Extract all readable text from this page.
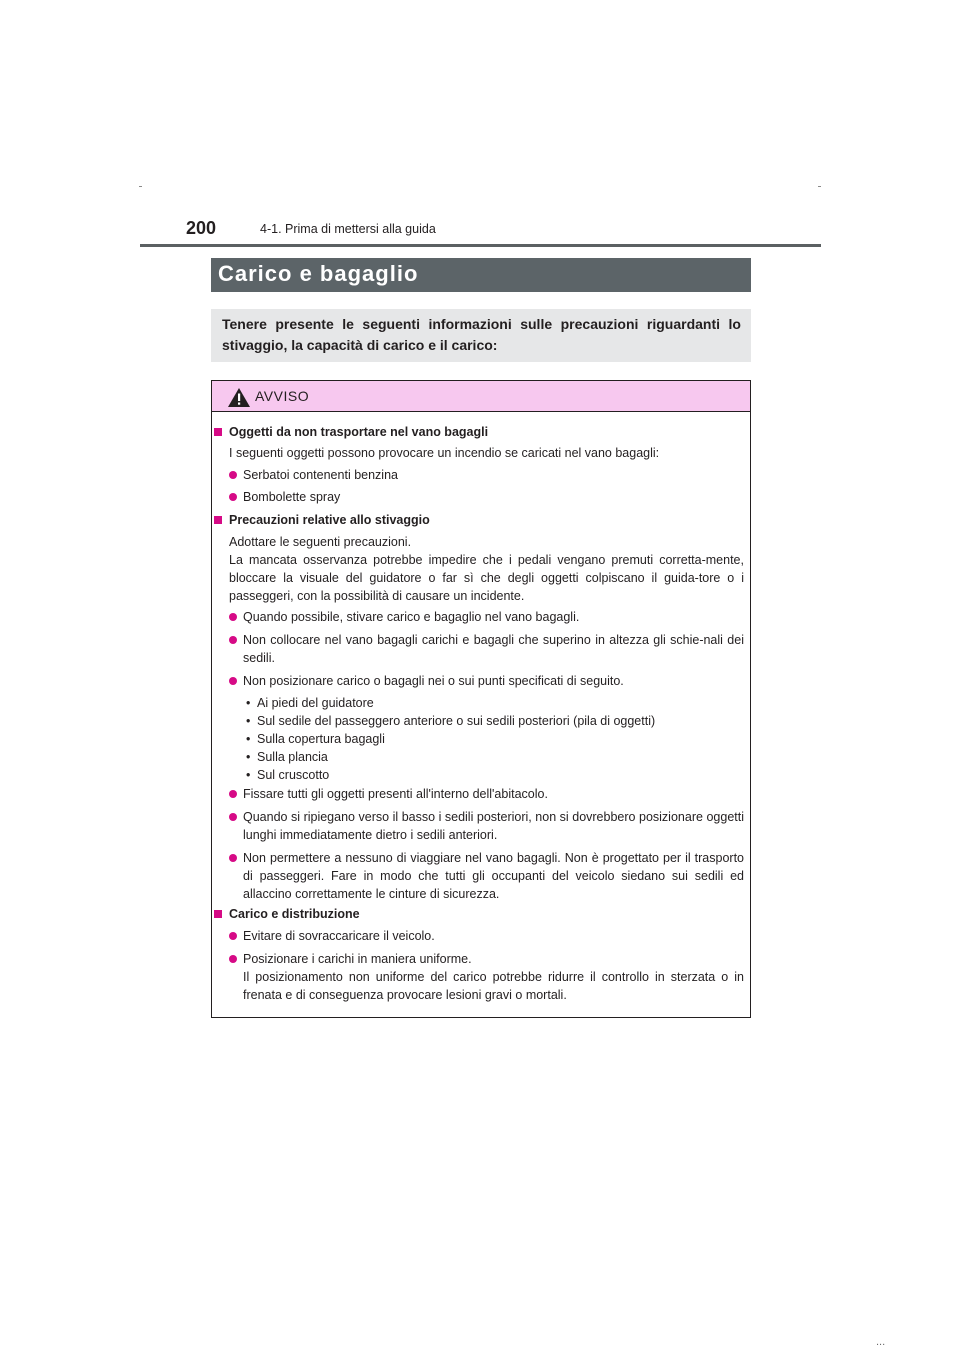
200	4-1. Prima di mettersi alla guida
Carico e bagaglio
Tenere presente le seguenti informazioni sulle precauzioni riguardanti lo stivaggio, la capacità di carico e il carico:
AVVISO
Oggetti da non trasportare nel vano bagagli
I seguenti oggetti possono provocare un incendio se caricati nel vano bagagli:
Serbatoi contenenti benzina
Bombolette spray
Precauzioni relative allo stivaggio
Adottare le seguenti precauzioni.
La mancata osservanza potrebbe impedire che i pedali vengano premuti corretta-mente, bloccare la visuale del guidatore o far sì che degli oggetti colpiscano il guida-tore o i passeggeri, con la possibilità di causare un incidente.
Quando possibile, stivare carico e bagaglio nel vano bagagli.
Non collocare nel vano bagagli carichi e bagagli che superino in altezza gli schie-nali dei sedili.
Non posizionare carico o bagagli nei o sui punti specificati di seguito.
• Ai piedi del guidatore
• Sul sedile del passeggero anteriore o sui sedili posteriori (pila di oggetti)
• Sulla copertura bagagli
• Sulla plancia
• Sul cruscotto
Fissare tutti gli oggetti presenti all'interno dell'abitacolo.
Quando si ripiegano verso il basso i sedili posteriori, non si dovrebbero posizionare oggetti lunghi immediatamente dietro i sedili anteriori.
Non permettere a nessuno di viaggiare nel vano bagagli. Non è progettato per il trasporto di passeggeri. Fare in modo che tutti gli occupanti del veicolo siedano sui sedili ed allaccino correttamente le cinture di sicurezza.
Carico e distribuzione
Evitare di sovraccaricare il veicolo.
Posizionare i carichi in maniera uniforme.
Il posizionamento non uniforme del carico potrebbe ridurre il controllo in sterzata o in frenata e di conseguenza provocare lesioni gravi o mortali.
...
